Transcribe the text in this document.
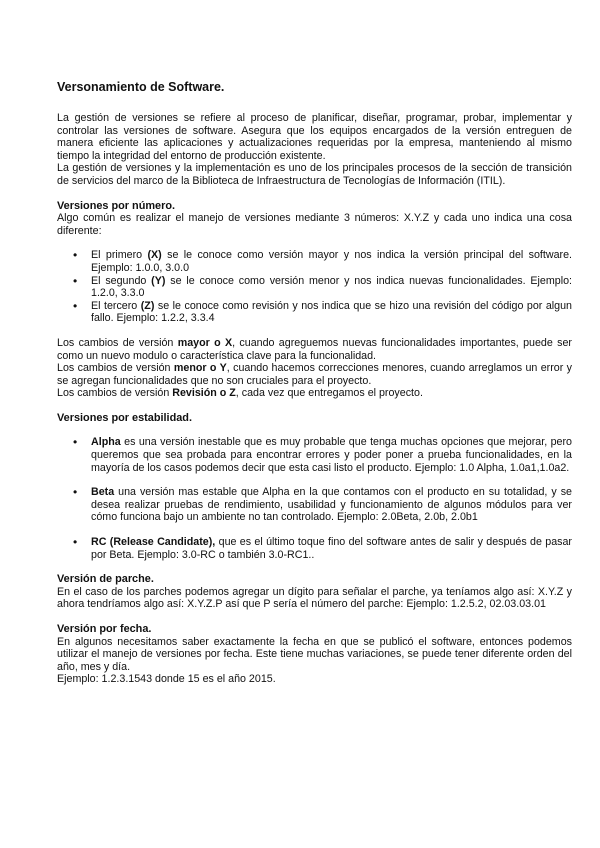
Versonamiento de Software.

La gestión de versiones se refiere al proceso de planificar, diseñar, programar, probar, implementar y controlar las versiones de software. Asegura que los equipos encargados de la versión entreguen de manera eficiente las aplicaciones y actualizaciones requeridas por la empresa, manteniendo al mismo tiempo la integridad del entorno de producción existente.

La gestión de versiones y la implementación es uno de los principales procesos de la sección de transición de servicios del marco de la Biblioteca de Infraestructura de Tecnologías de Información (ITIL).

Versiones por número.

Algo común es realizar el manejo de versiones mediante 3 números: X.Y.Z y cada uno indica una cosa diferente:

• El primero (X) se le conoce como versión mayor y nos indica la versión principal del software. Ejemplo: 1.0.0, 3.0.0
• El segundo (Y) se le conoce como versión menor y nos indica nuevas funcionalidades. Ejemplo: 1.2.0, 3.3.0
• El tercero (Z) se le conoce como revisión y nos indica que se hizo una revisión del código por algun fallo. Ejemplo: 1.2.2, 3.3.4

Los cambios de versión mayor o X, cuando agreguemos nuevas funcionalidades importantes, puede ser como un nuevo modulo o característica clave para la funcionalidad.

Los cambios de versión menor o Y, cuando hacemos correcciones menores, cuando arreglamos un error y se agregan funcionalidades que no son cruciales para el proyecto.

Los cambios de versión Revisión o Z, cada vez que entregamos el proyecto.

Versiones por estabilidad.
• Alpha es una versión inestable que es muy probable que tenga muchas opciones que mejorar, pero queremos que sea probada para encontrar errores y poder poner a prueba funcionalidades, en la mayoría de los casos podemos decir que esta casi listo el producto. Ejemplo: 1.0 Alpha, 1.0a1,1.0a2.
• Beta una versión mas estable que Alpha en la que contamos con el producto en su totalidad, y se desea realizar pruebas de rendimiento, usabilidad y funcionamiento de algunos módulos para ver cómo funciona bajo un ambiente no tan controlado. Ejemplo: 2.0Beta, 2.0b, 2.0b1
• RC (Release Candidate), que es el último toque fino del software antes de salir y después de pasar por Beta. Ejemplo: 3.0-RC o también 3.0-RC1..
Versión de parche.

En el caso de los parches podemos agregar un dígito para señalar el parche, ya teníamos algo así: X.Y.Z y ahora tendríamos algo así: X.Y.Z.P así que P sería el número del parche: Ejemplo: 1.2.5.2, 02.03.03.01

Versión por fecha.

En algunos necesitamos saber exactamente la fecha en que se publicó el software, entonces podemos utilizar el manejo de versiones por fecha. Este tiene muchas variaciones, se puede tener diferente orden del año, mes y día.

Ejemplo: 1.2.3.1543 donde 15 es el año 2015.
